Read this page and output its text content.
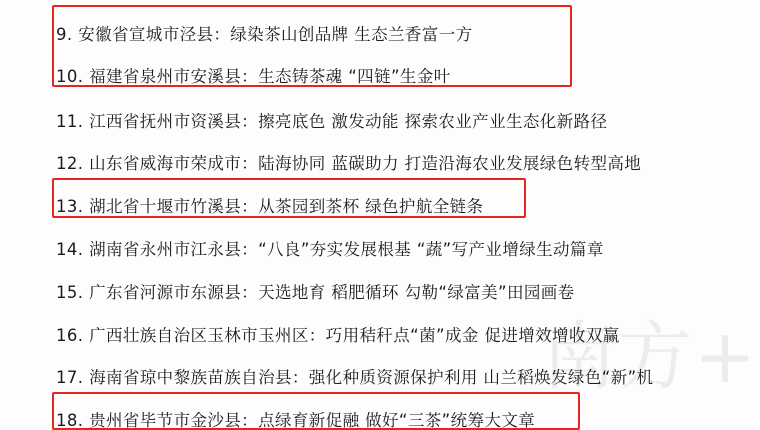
南方+
9. 安徽省宣城市泾县：绿染茶山创品牌 生态兰香富一方
10. 福建省泉州市安溪县：生态铸茶魂 “四链”生金叶
11. 江西省抚州市资溪县：擦亮底色 激发动能 探索农业产业生态化新路径
12. 山东省威海市荣成市：陆海协同 蓝碳助力 打造沿海农业发展绿色转型高地
13. 湖北省十堰市竹溪县：从茶园到茶杯 绿色护航全链条
14. 湖南省永州市江永县：“八良”夯实发展根基 “蔬”写产业增绿生动篇章
15. 广东省河源市东源县：天选地育 稻肥循环 勾勒“绿富美”田园画卷
16. 广西壮族自治区玉林市玉州区：巧用秸秆点“菌”成金 促进增效增收双赢
17. 海南省琼中黎族苗族自治县：强化种质资源保护利用 山兰稻焕发绿色“新”机
18. 贵州省毕节市金沙县：点绿育新促融 做好“三茶”统筹大文章
